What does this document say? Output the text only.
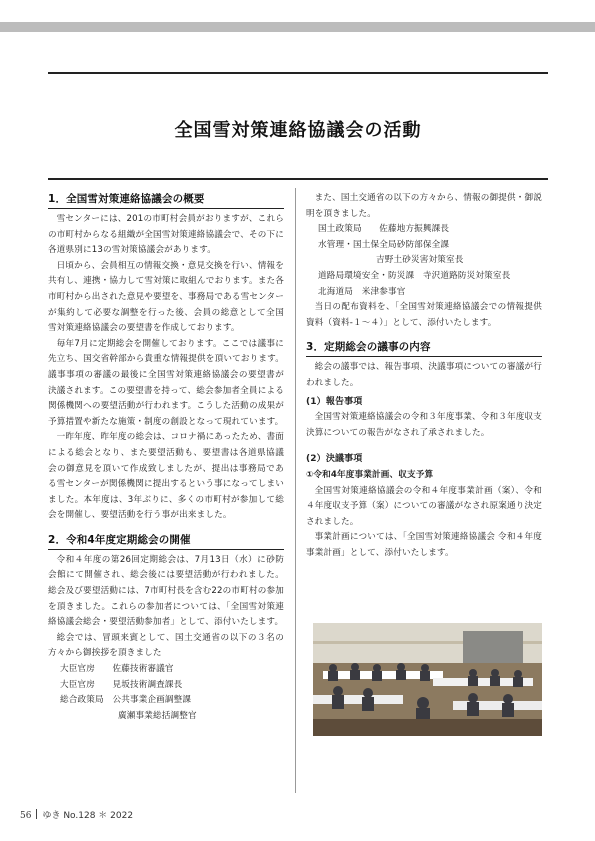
全国雪対策連絡協議会の活動
1．全国雪対策連絡協議会の概要

雪センターには、201の市町村会員がおりますが、これらの市町村からなる組織が全国雪対策連絡協議会で、その下に各道県別に13の雪対策協議会があります。

日頃から、会員相互の情報交換・意見交換を行い、情報を共有し、連携・協力して雪対策に取組んでおります。また各市町村から出された意見や要望を、事務局である雪センターが集約して必要な調整を行った後、会員の総意として全国雪対策連絡協議会の要望書を作成しております。

毎年7月に定期総会を開催しております。ここでは議事に先立ち、国交省幹部から貴重な情報提供を頂いております。議事事項の審議の最後に全国雪対策連絡協議会の要望書が決議されます。この要望書を持って、総会参加者全員による関係機関への要望活動が行われます。こうした活動の成果が予算措置や新たな施策・制度の創設となって現れています。

一昨年度、昨年度の総会は、コロナ禍にあったため、書面による総会となり、また要望活動も、要望書は各道県協議会の御意見を頂いて作成致しましたが、提出は事務局である雪センターが関係機関に提出するという事になってしまいました。本年度は、3年ぶりに、多くの市町村が参加して総会を開催し、要望活動を行う事が出来ました。

2．令和4年度定期総会の開催

令和４年度の第26回定期総会は、7月13日（水）に砂防会館にて開催され、総会後には要望活動が行われました。総会及び要望活動には、7市町村長を含む22の市町村の参加を頂きました。これらの参加者については、「全国雪対策連絡協議会総会・要望活動参加者」として、添付いたします。

総会では、冒頭来賓として、国土交通省の以下の３名の方々から御挨拶を頂きました

大臣官房　　佐藤技術審議官
大臣官房　　見坂技術調査課長
総合政策局　公共事業企画調整課
廣瀬事業総括調整官

また、国土交通省の以下の方々から、情報の御提供・御説明を頂きました。

国土政策局　　佐藤地方振興課長
水管理・国土保全局砂防部保全課
吉野土砂災害対策室長
道路局環境安全・防災課　寺沢道路防災対策室長
北海道局　米津参事官

当日の配布資料を、「全国雪対策連絡協議会での情報提供資料（資料-１～４）」として、添付いたします。

3．定期総会の議事の内容

総会の議事では、報告事項、決議事項についての審議が行われました。

(1）報告事項

全国雪対策連絡協議会の令和３年度事業、令和３年度収支決算についての報告がなされ了承されました。

(2）決議事項
①令和4年度事業計画、収支予算

全国雪対策連絡協議会の令和４年度事業計画（案）、令和４年度収支予算（案）についての審議がなされ原案通り決定されました。

事業計画については、「全国雪対策連絡協議会 令和４年度事業計画」として、添付いたします。

56 ゆき No.128 ＊ 2022
